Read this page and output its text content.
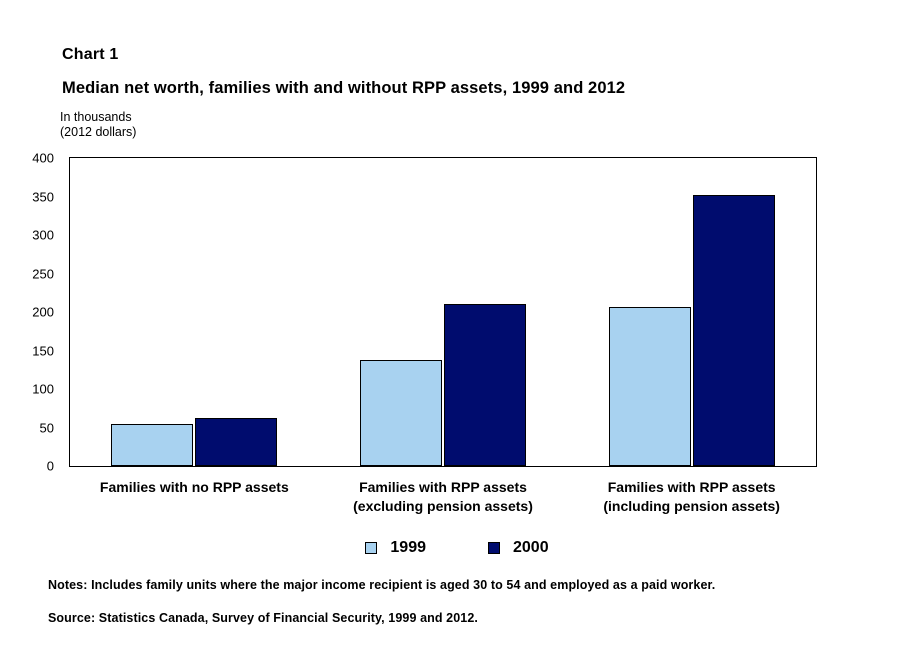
Chart 1
Median net worth, families with and without RPP assets, 1999 and 2012
In thousands
(2012 dollars)
0
50
100
150
200
250
300
350
400
Families with no RPP assets	Families with RPP assets
(excluding pension assets)
Families with RPP assets
(including pension assets)
1999	2000
Notes: Includes family units where the major income recipient is aged 30 to 54 and employed as a paid worker.
Source: Statistics Canada, Survey of Financial Security, 1999 and 2012.
